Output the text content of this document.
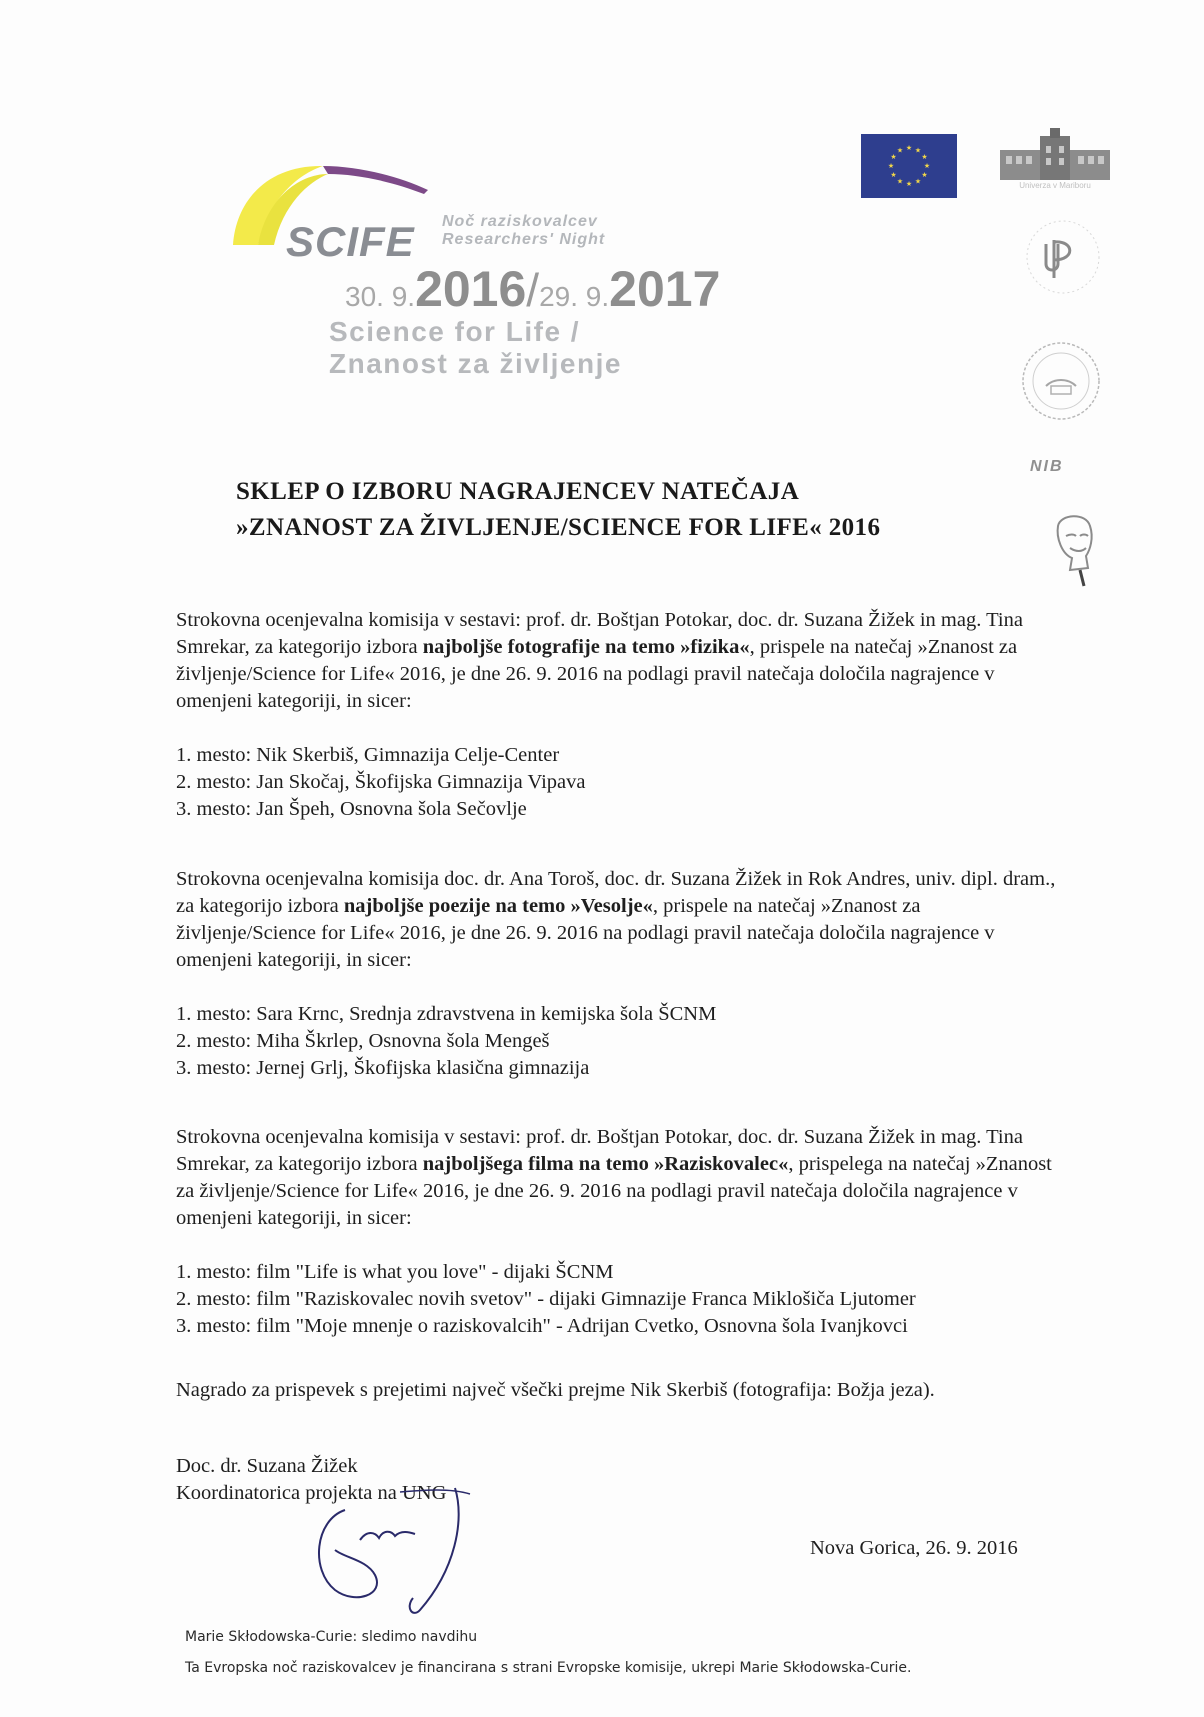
SCIFE Noč raziskovalcev
Researchers' Night
30. 9.2016/29. 9.2017
Science for Life /
Znanost za življenje
★ ★
★
★
★
★
★
★
★
★
★
★
Univerza v Mariboru
NIB
SKLEP O IZBORU NAGRAJENCEV NATEČAJA
»ZNANOST ZA ŽIVLJENJE/SCIENCE FOR LIFE« 2016
Strokovna ocenjevalna komisija v sestavi: prof. dr. Boštjan Potokar, doc. dr. Suzana Žižek in mag. Tina Smrekar, za kategorijo izbora najboljše fotografije na temo »fizika«, prispele na natečaj »Znanost za življenje/Science for Life« 2016, je dne 26. 9. 2016 na podlagi pravil natečaja določila nagrajence v omenjeni kategoriji, in sicer:
1. mesto: Nik Skerbiš, Gimnazija Celje-Center
2. mesto: Jan Skočaj, Škofijska Gimnazija Vipava
3. mesto: Jan Špeh, Osnovna šola Sečovlje
Strokovna ocenjevalna komisija doc. dr. Ana Toroš, doc. dr. Suzana Žižek in Rok Andres, univ. dipl. dram., za kategorijo izbora najboljše poezije na temo »Vesolje«, prispele na natečaj »Znanost za življenje/Science for Life« 2016, je dne 26. 9. 2016 na podlagi pravil natečaja določila nagrajence v omenjeni kategoriji, in sicer:
1. mesto: Sara Krnc, Srednja zdravstvena in kemijska šola ŠCNM
2. mesto: Miha Škrlep, Osnovna šola Mengeš
3. mesto: Jernej Grlj, Škofijska klasična gimnazija
Strokovna ocenjevalna komisija v sestavi: prof. dr. Boštjan Potokar, doc. dr. Suzana Žižek in mag. Tina Smrekar, za kategorijo izbora najboljšega filma na temo »Raziskovalec«, prispelega na natečaj »Znanost za življenje/Science for Life« 2016, je dne 26. 9. 2016 na podlagi pravil natečaja določila nagrajence v omenjeni kategoriji, in sicer:
1. mesto: film "Life is what you love" - dijaki ŠCNM
2. mesto: film "Raziskovalec novih svetov" - dijaki Gimnazije Franca Miklošiča Ljutomer
3. mesto: film "Moje mnenje o raziskovalcih" - Adrijan Cvetko, Osnovna šola Ivanjkovci
Nagrado za prispevek s prejetimi največ všečki prejme Nik Skerbiš (fotografija: Božja jeza).
Doc. dr. Suzana Žižek
Koordinatorica projekta na UNG
Nova Gorica, 26. 9. 2016
Marie Skłodowska-Curie: sledimo navdihu
Ta Evropska noč raziskovalcev je financirana s strani Evropske komisije, ukrepi Marie Skłodowska-Curie.
